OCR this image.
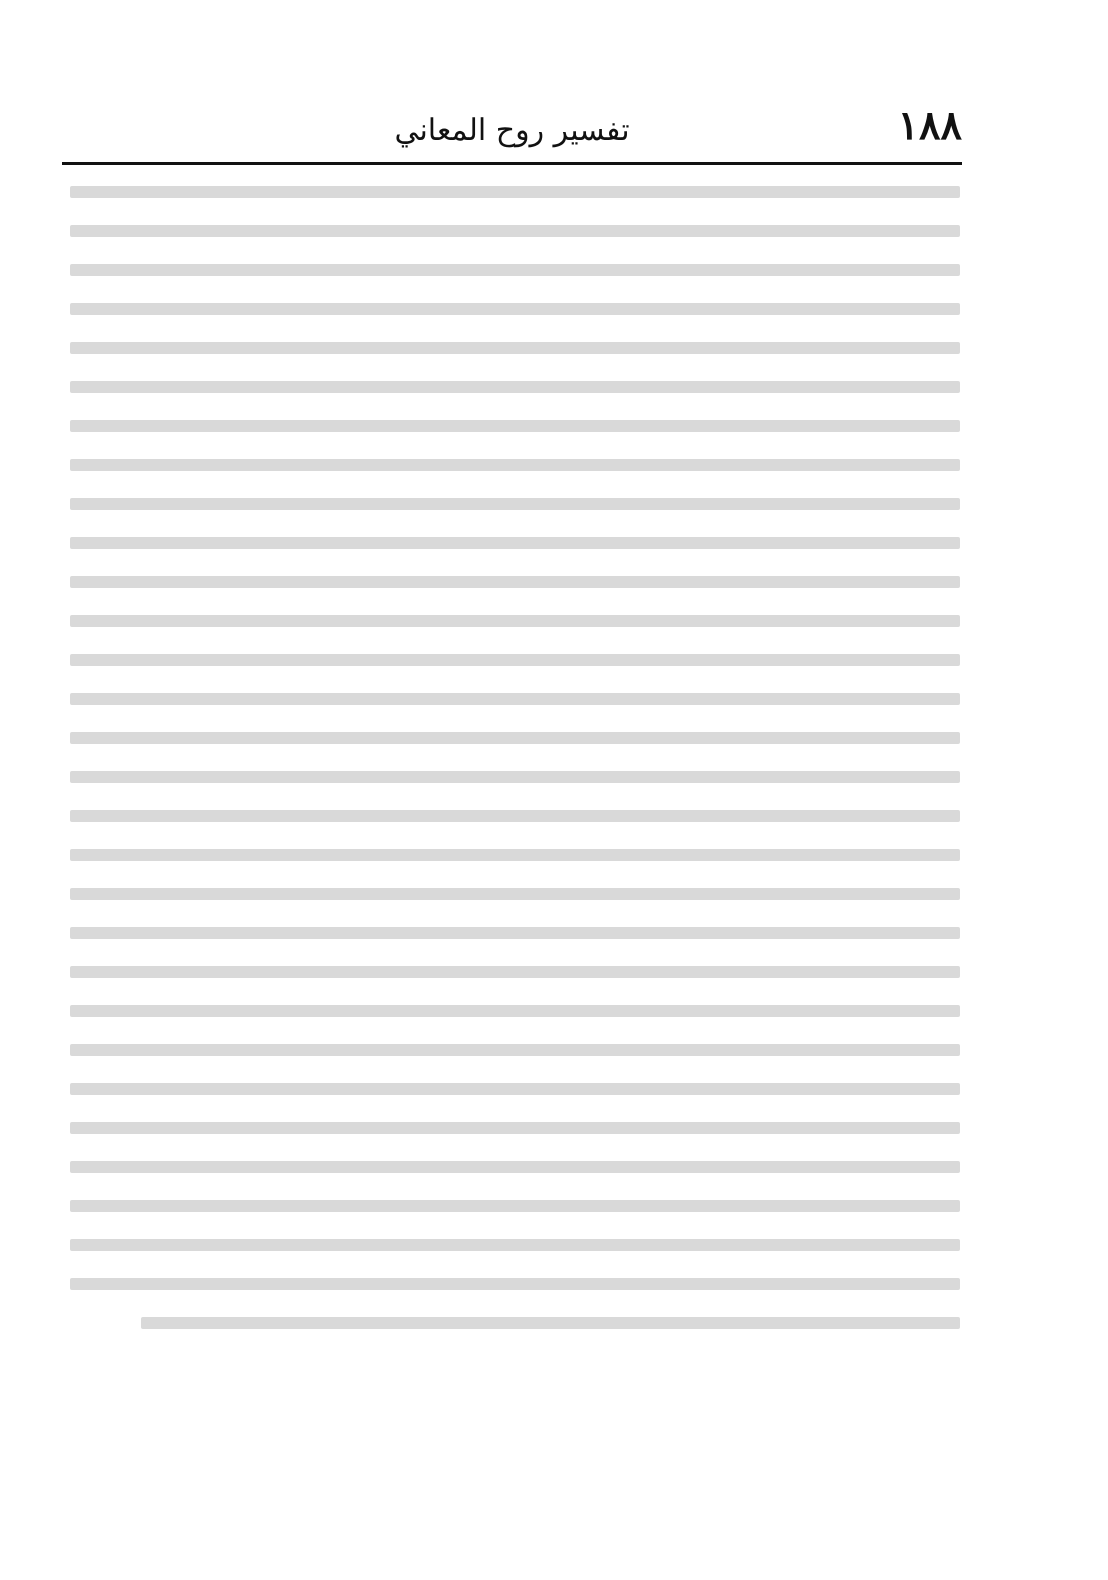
١٨٨
تفسير روح المعاني
